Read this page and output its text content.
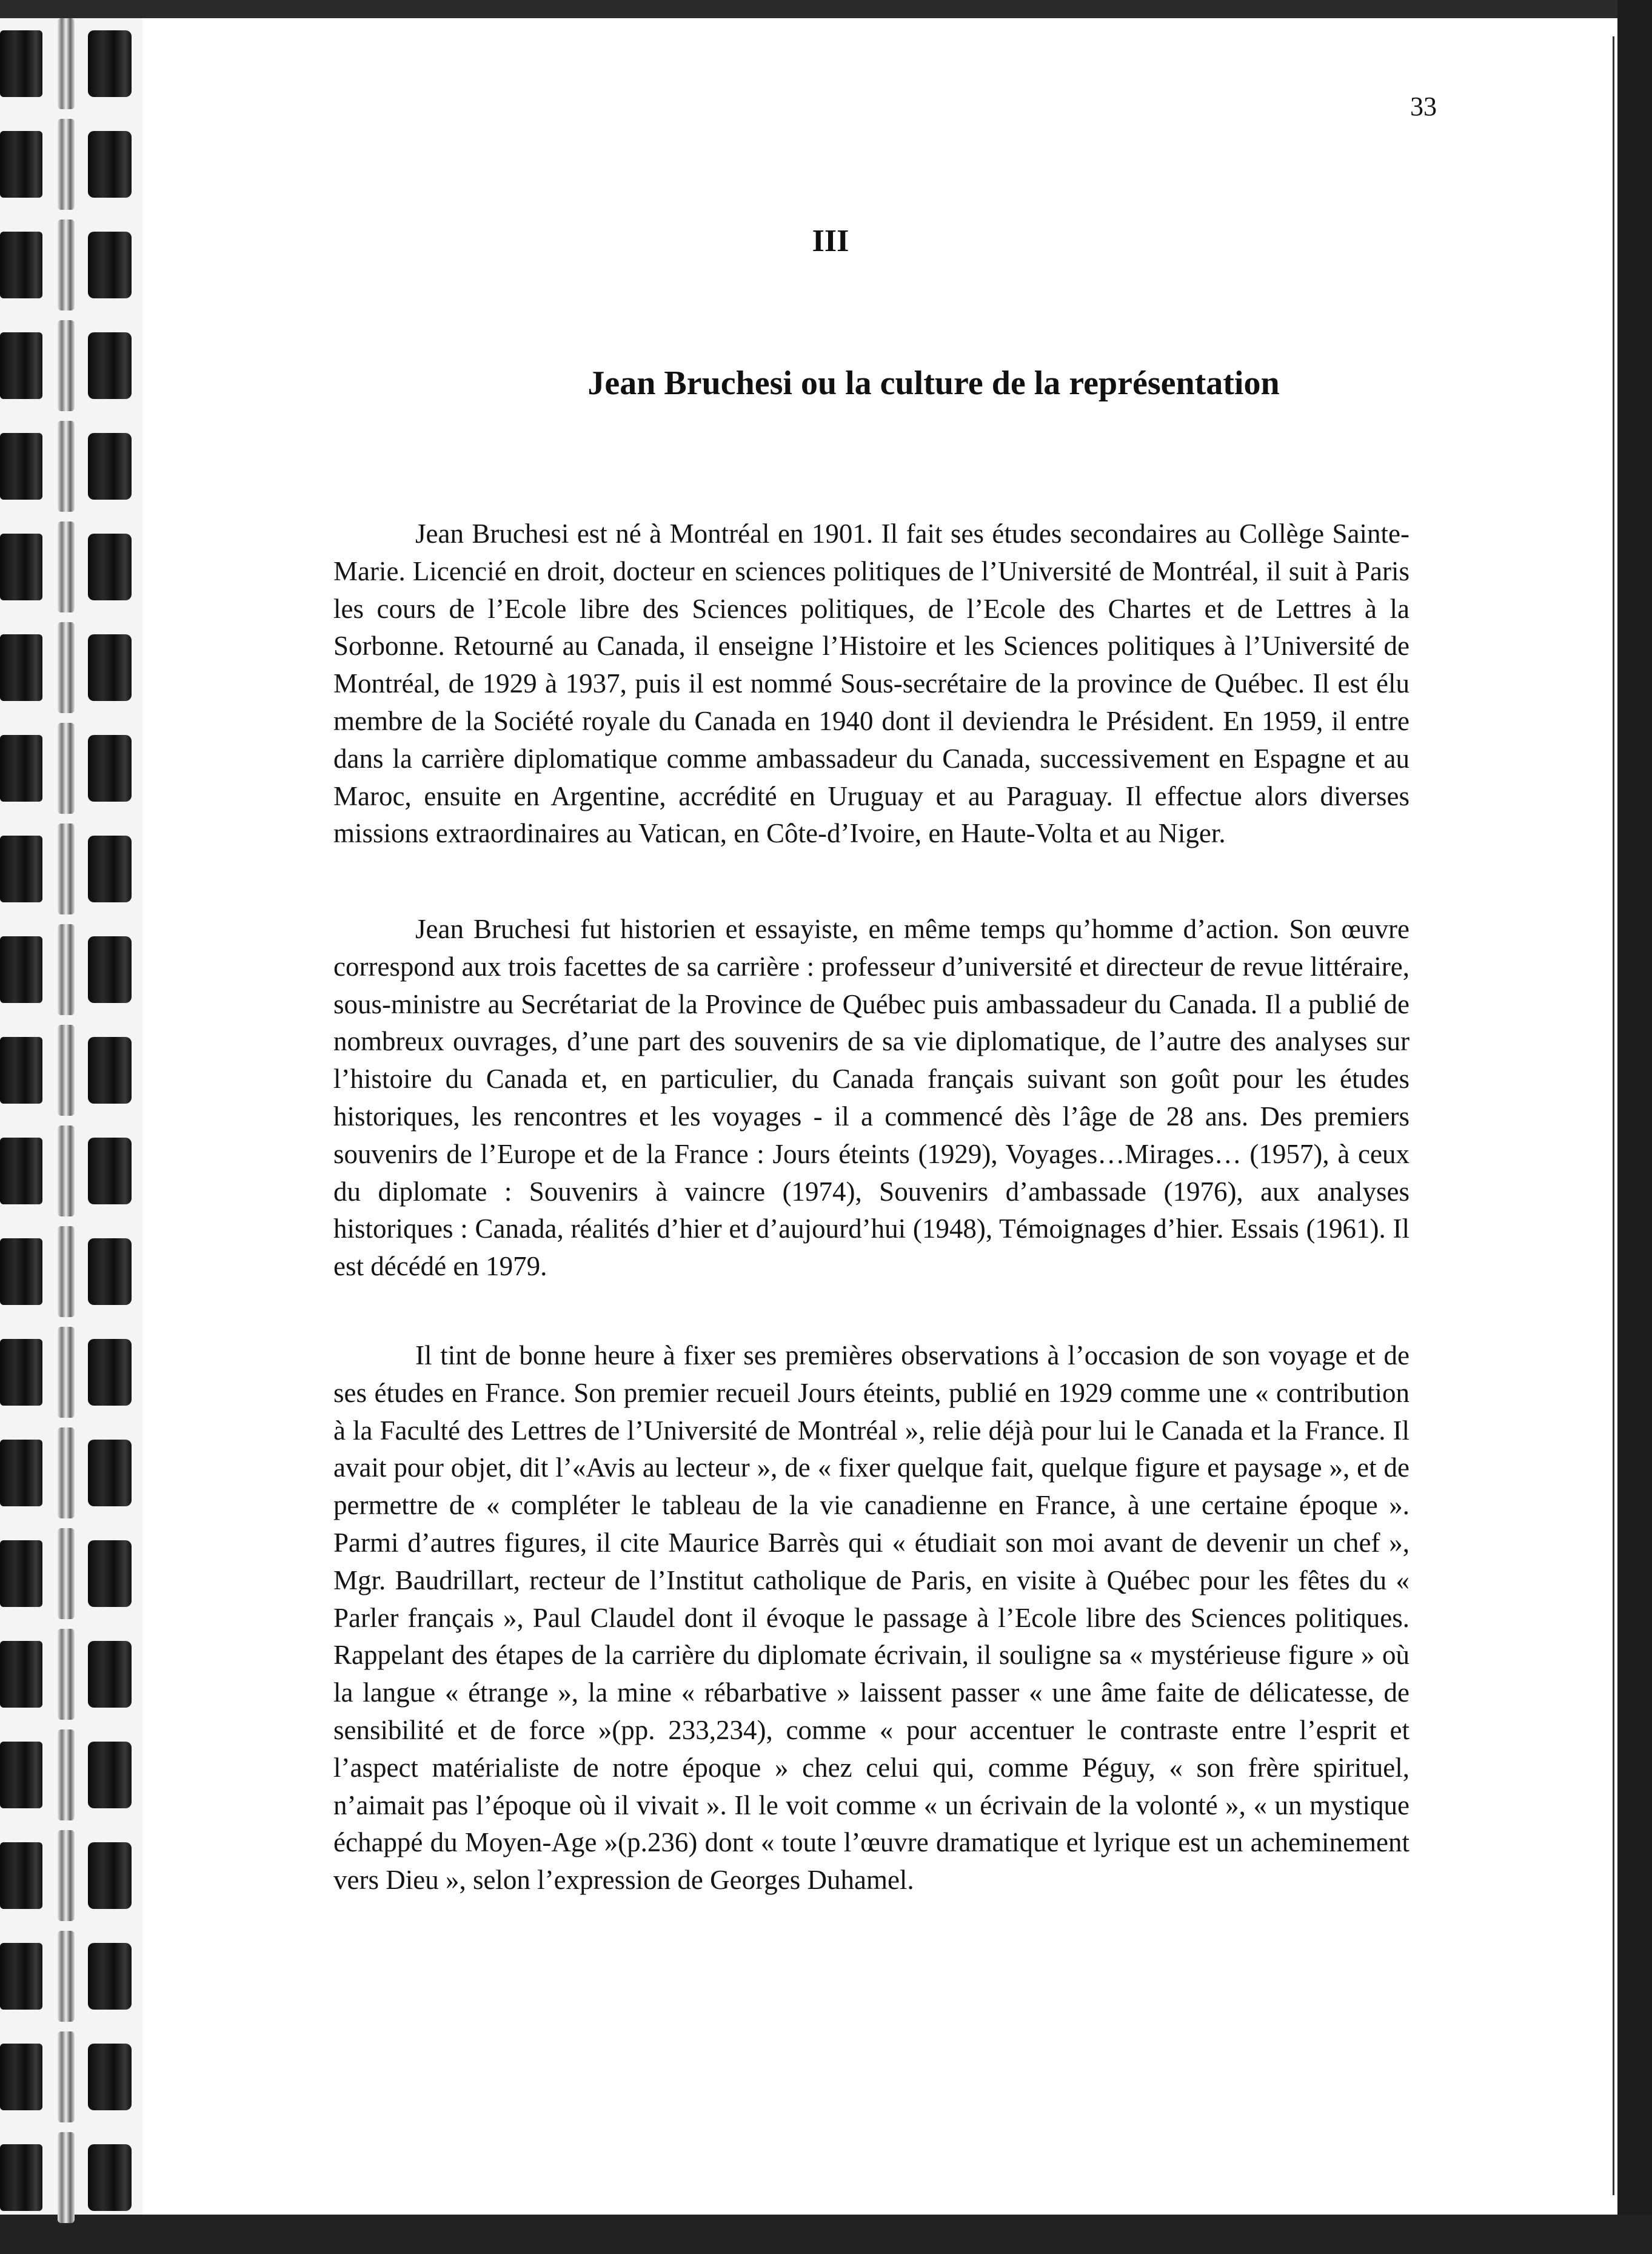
33
III
Jean Bruchesi ou la culture de la représentation

Jean Bruchesi est né à Montréal en 1901. Il fait ses études secondaires au Collège Sainte-Marie. Licencié en droit, docteur en sciences politiques de l’Université de Montréal, il suit à Paris les cours de l’Ecole libre des Sciences politiques, de l’Ecole des Chartes et de Lettres à la Sorbonne. Retourné au Canada, il enseigne l’Histoire et les Sciences politiques à l’Université de Montréal, de 1929 à 1937, puis il est nommé Sous-secrétaire de la province de Québec. Il est élu membre de la Société royale du Canada en 1940 dont il deviendra le Président. En 1959, il entre dans la carrière diplomatique comme ambassadeur du Canada, successivement en Espagne et au Maroc, ensuite en Argentine, accrédité en Uruguay et au Paraguay. Il effectue alors diverses missions extraordinaires au Vatican, en Côte-d’Ivoire, en Haute-Volta et au Niger.

Jean Bruchesi fut historien et essayiste, en même temps qu’homme d’action. Son œuvre correspond aux trois facettes de sa carrière : professeur d’université et directeur de revue littéraire, sous-ministre au Secrétariat de la Province de Québec puis ambassadeur du Canada. Il a publié de nombreux ouvrages, d’une part des souvenirs de sa vie diplomatique, de l’autre des analyses sur l’histoire du Canada et, en particulier, du Canada français suivant son goût pour les études historiques, les rencontres et les voyages - il a commencé dès l’âge de 28 ans. Des premiers souvenirs de l’Europe et de la France : Jours éteints (1929), Voyages…Mirages… (1957), à ceux du diplomate : Souvenirs à vaincre (1974), Souvenirs d’ambassade (1976), aux analyses historiques : Canada, réalités d’hier et d’aujourd’hui (1948), Témoignages d’hier. Essais (1961). Il est décédé en 1979.

Il tint de bonne heure à fixer ses premières observations à l’occasion de son voyage et de ses études en France. Son premier recueil Jours éteints, publié en 1929 comme une « contribution à la Faculté des Lettres de l’Université de Montréal », relie déjà pour lui le Canada et la France. Il avait pour objet, dit l’«Avis au lecteur », de « fixer quelque fait, quelque figure et paysage », et de permettre de « compléter le tableau de la vie canadienne en France, à une certaine époque ». Parmi d’autres figures, il cite Maurice Barrès qui « étudiait son moi avant de devenir un chef », Mgr. Baudrillart, recteur de l’Institut catholique de Paris, en visite à Québec pour les fêtes du « Parler français », Paul Claudel dont il évoque le passage à l’Ecole libre des Sciences politiques. Rappelant des étapes de la carrière du diplomate écrivain, il souligne sa « mystérieuse figure » où la langue « étrange », la mine « rébarbative » laissent passer « une âme faite de délicatesse, de sensibilité et de force »(pp. 233,234), comme « pour accentuer le contraste entre l’esprit et l’aspect matérialiste de notre époque » chez celui qui, comme Péguy, « son frère spirituel, n’aimait pas l’époque où il vivait ». Il le voit comme « un écrivain de la volonté », « un mystique échappé du Moyen-Age »(p.236) dont « toute l’œuvre dramatique et lyrique est un acheminement vers Dieu », selon l’expression de Georges Duhamel.
